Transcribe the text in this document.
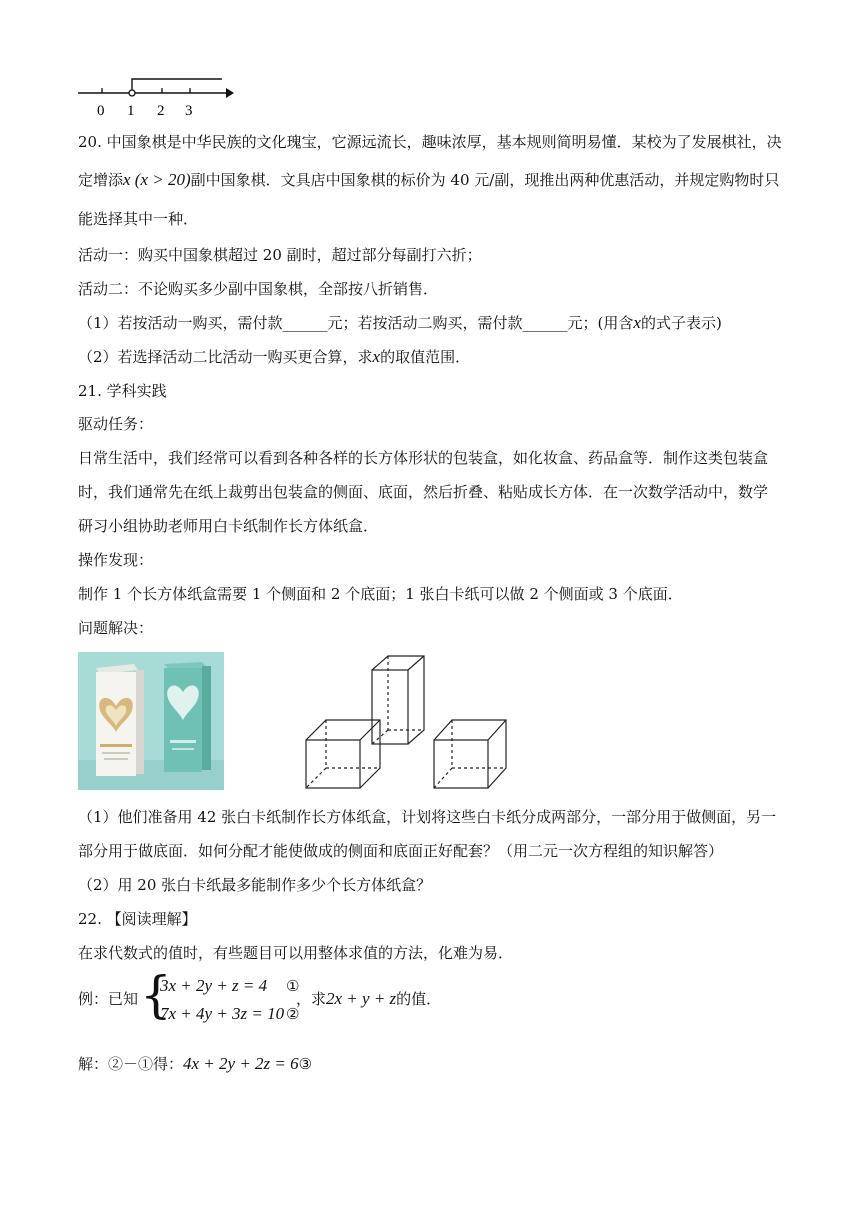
0 1 2 3
20. 中国象棋是中华民族的文化瑰宝，它源远流长，趣味浓厚，基本规则简明易懂．某校为了发展棋社，决
定增添x (x > 20)副中国象棋．文具店中国象棋的标价为 40 元/副，现推出两种优惠活动，并规定购物时只
能选择其中一种．
活动一：购买中国象棋超过 20 副时，超过部分每副打六折；
活动二：不论购买多少副中国象棋，全部按八折销售．
（1）若按活动一购买，需付款______元；若按活动二购买，需付款______元；(用含x的式子表示)
（2）若选择活动二比活动一购买更合算，求x的取值范围．
21. 学科实践
驱动任务：
日常生活中，我们经常可以看到各种各样的长方体形状的包装盒，如化妆盒、药品盒等．制作这类包装盒
时，我们通常先在纸上裁剪出包装盒的侧面、底面，然后折叠、粘贴成长方体．在一次数学活动中，数学
研习小组协助老师用白卡纸制作长方体纸盒．
操作发现：
制作 1 个长方体纸盒需要 1 个侧面和 2 个底面；1 张白卡纸可以做 2 个侧面或 3 个底面．
问题解决：
（1）他们准备用 42 张白卡纸制作长方体纸盒，计划将这些白卡纸分成两部分，一部分用于做侧面，另一
部分用于做底面．如何分配才能使做成的侧面和底面正好配套？（用二元一次方程组的知识解答）
（2）用 20 张白卡纸最多能制作多少个长方体纸盒？
22. 【阅读理解】
在求代数式的值时，有些题目可以用整体求值的方法，化难为易．
例：已知 {
3x + 2y + z = 4 ①
7x + 4y + 3z = 10 ②
，求2x + y + z的值．
解：②－①得：4x + 2y + 2z = 6③
